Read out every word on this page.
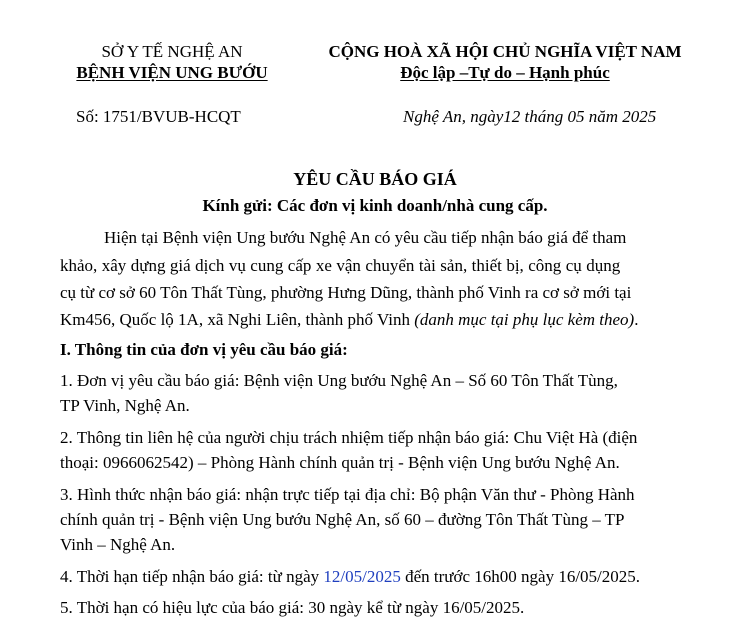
SỞ Y TẾ NGHỆ AN
BỆNH VIỆN UNG BƯỚU
CỘNG HOÀ XÃ HỘI CHỦ NGHĨA VIỆT NAM
Độc lập –Tự do – Hạnh phúc
Số: 1751/BVUB-HCQT	Nghệ An, ngày12 tháng 05 năm 2025
YÊU CẦU BÁO GIÁ
Kính gửi: Các đơn vị kinh doanh/nhà cung cấp.
Hiện tại Bệnh viện Ung bướu Nghệ An có yêu cầu tiếp nhận báo giá để tham
khảo, xây dựng giá dịch vụ cung cấp xe vận chuyển tài sản, thiết bị, công cụ dụng
cụ từ cơ sở 60 Tôn Thất Tùng, phường Hưng Dũng, thành phố Vinh ra cơ sở mới tại
Km456, Quốc lộ 1A, xã Nghi Liên, thành phố Vinh (danh mục tại phụ lục kèm theo).
I. Thông tin của đơn vị yêu cầu báo giá:
1. Đơn vị yêu cầu báo giá: Bệnh viện Ung bướu Nghệ An – Số 60 Tôn Thất Tùng,
TP Vinh, Nghệ An.
2. Thông tin liên hệ của người chịu trách nhiệm tiếp nhận báo giá: Chu Việt Hà (điện
thoại: 0966062542) – Phòng Hành chính quản trị - Bệnh viện Ung bướu Nghệ An.
3. Hình thức nhận báo giá: nhận trực tiếp tại địa chỉ: Bộ phận Văn thư - Phòng Hành
chính quản trị - Bệnh viện Ung bướu Nghệ An, số 60 – đường Tôn Thất Tùng – TP
Vinh – Nghệ An.
4. Thời hạn tiếp nhận báo giá: từ ngày 12/05/2025 đến trước 16h00 ngày 16/05/2025.
5. Thời hạn có hiệu lực của báo giá: 30 ngày kể từ ngày 16/05/2025.
